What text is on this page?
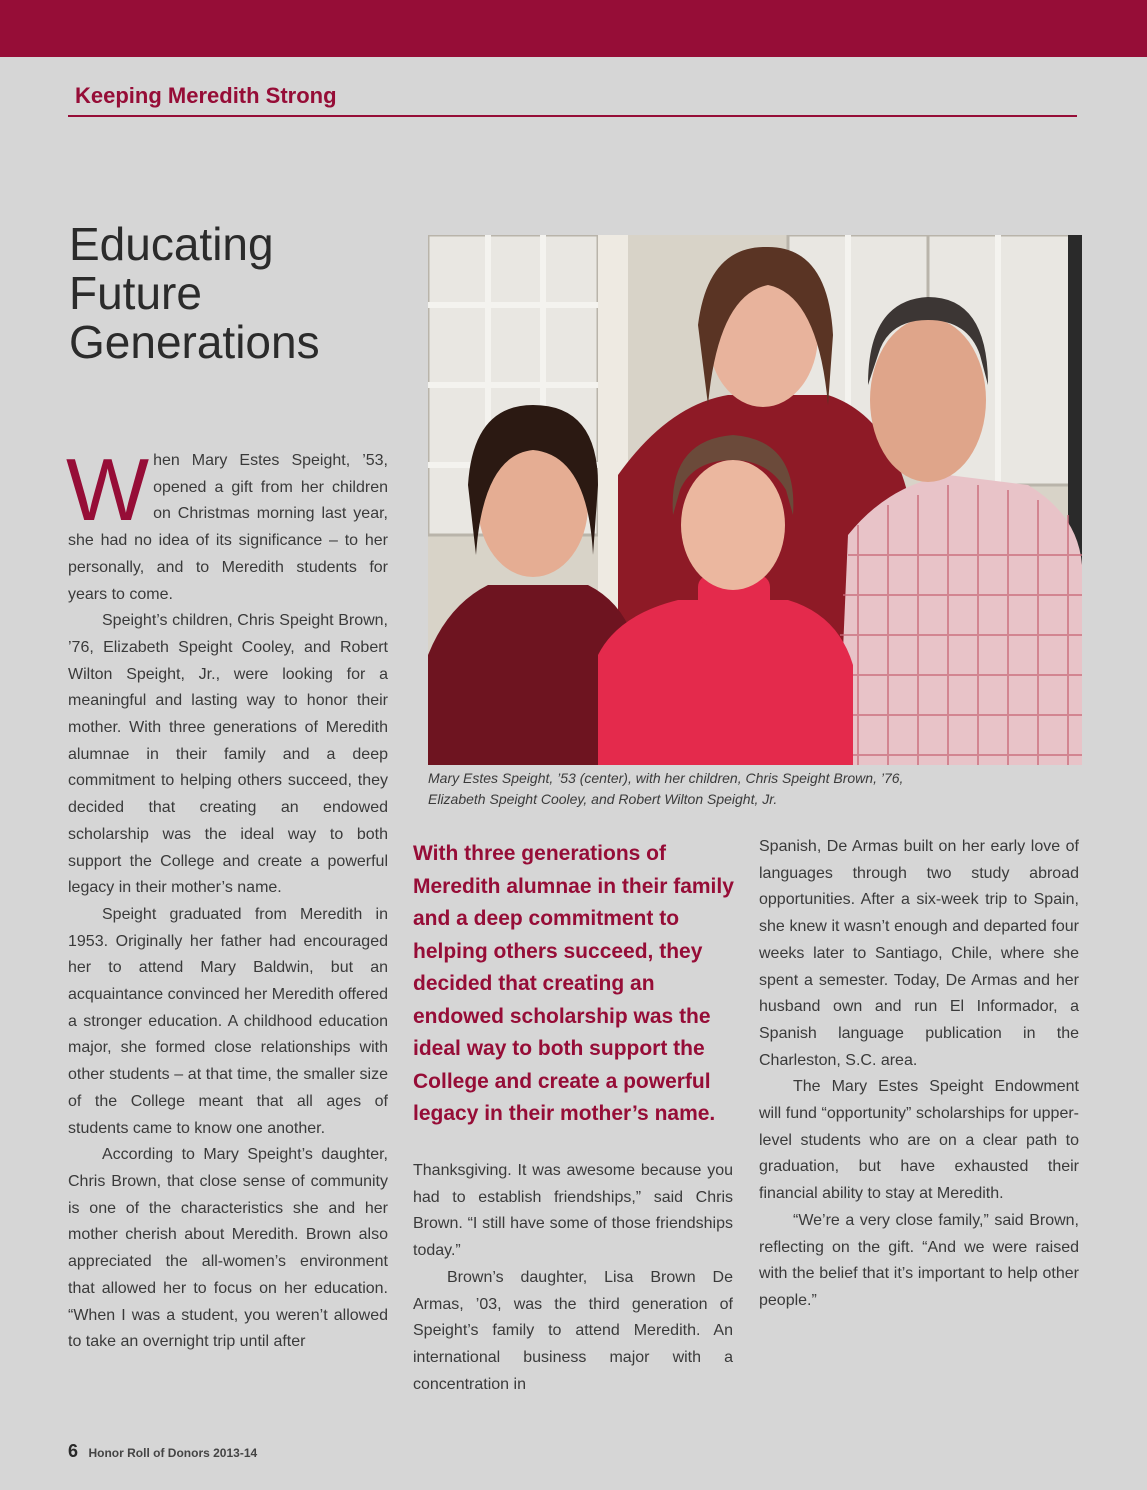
Keeping Meredith Strong
Educating
Future
Generations

When Mary Estes Speight, ’53, opened a gift from her children on Christmas morning last year, she had no idea of its significance – to her personally, and to Meredith students for years to come.

Speight’s children, Chris Speight Brown, ’76, Elizabeth Speight Cooley, and Robert Wilton Speight, Jr., were looking for a meaningful and lasting way to honor their mother. With three generations of Meredith alumnae in their family and a deep commitment to helping others succeed, they decided that creating an endowed scholarship was the ideal way to both support the College and create a powerful legacy in their mother’s name.

Speight graduated from Meredith in 1953. Originally her father had encouraged her to attend Mary Baldwin, but an acquaintance convinced her Meredith offered a stronger education. A childhood education major, she formed close relationships with other students – at that time, the smaller size of the College meant that all ages of students came to know one another.

According to Mary Speight’s daughter, Chris Brown, that close sense of community is one of the characteristics she and her mother cherish about Meredith. Brown also appreciated the all-women’s environment that allowed her to focus on her education. “When I was a student, you weren’t allowed to take an overnight trip until after

Mary Estes Speight, ’53 (center), with her children, Chris Speight Brown, ’76,
Elizabeth Speight Cooley, and Robert Wilton Speight, Jr.
With three generations of Meredith alumnae in their family and a deep commitment to helping others succeed, they decided that creating an endowed scholarship was the ideal way to both support the College and create a powerful legacy in their mother’s name.

Thanksgiving. It was awesome because you had to establish friendships,” said Chris Brown. “I still have some of those friendships today.”

Brown’s daughter, Lisa Brown De Armas, ’03, was the third generation of Speight’s family to attend Meredith. An international business major with a concentration in

Spanish, De Armas built on her early love of languages through two study abroad opportunities. After a six-week trip to Spain, she knew it wasn’t enough and departed four weeks later to Santiago, Chile, where she spent a semester. Today, De Armas and her husband own and run El Informador, a Spanish language publication in the Charleston, S.C. area.

The Mary Estes Speight Endowment will fund “opportunity” scholarships for upper-level students who are on a clear path to graduation, but have exhausted their financial ability to stay at Meredith.

“We’re a very close family,” said Brown, reflecting on the gift. “And we were raised with the belief that it’s important to help other people.”

6 Honor Roll of Donors 2013-14
